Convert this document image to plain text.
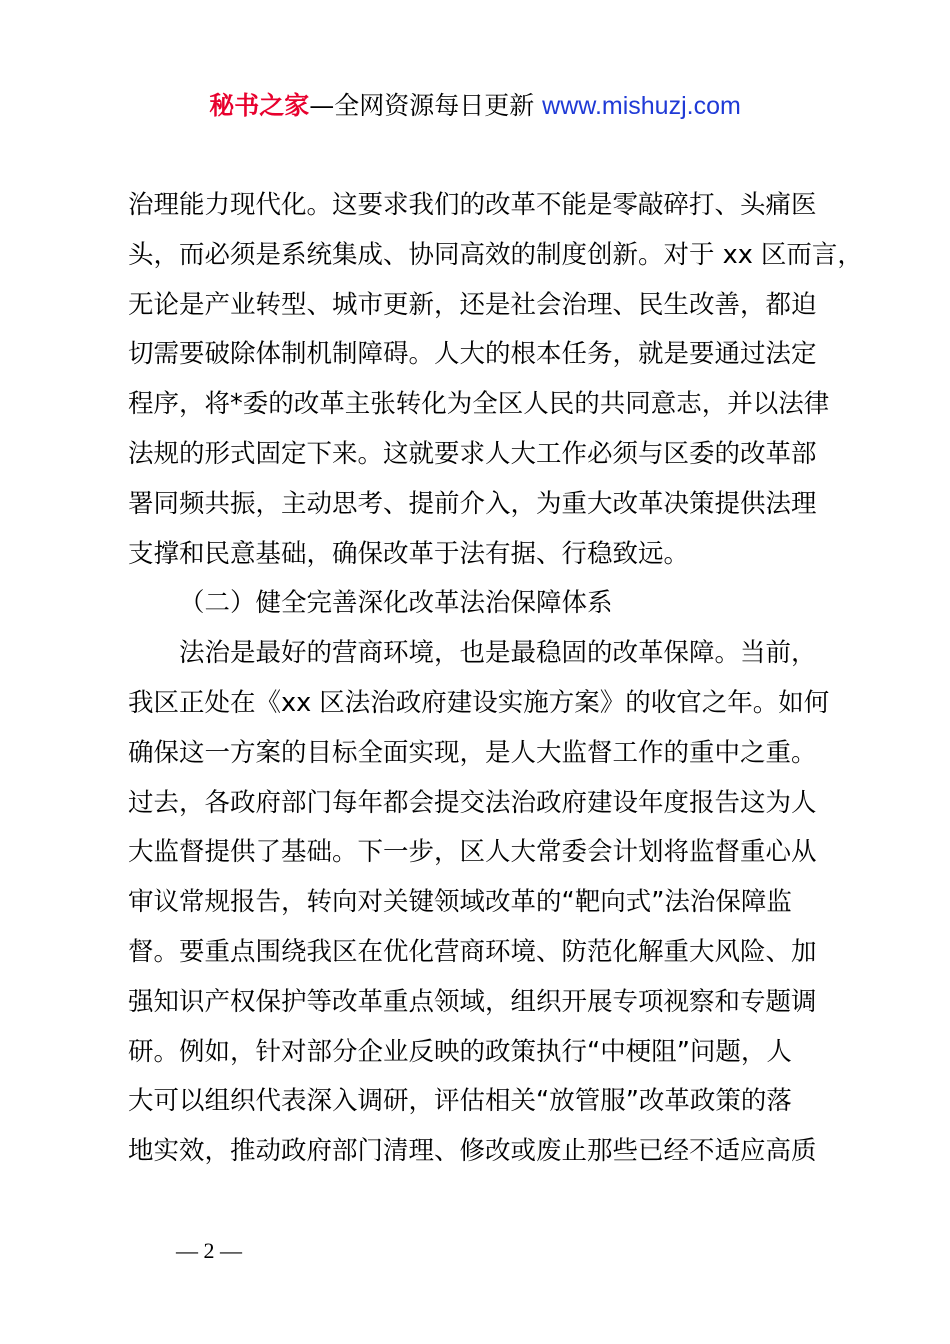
秘书之家—全网资源每日更新 www.mishuzj.com
治理能力现代化。这要求我们的改革不能是零敲碎打、头痛医
头，而必须是系统集成、协同高效的制度创新。对于 xx 区而言，
无论是产业转型、城市更新，还是社会治理、民生改善，都迫
切需要破除体制机制障碍。人大的根本任务，就是要通过法定
程序，将*委的改革主张转化为全区人民的共同意志，并以法律
法规的形式固定下来。这就要求人大工作必须与区委的改革部
署同频共振，主动思考、提前介入，为重大改革决策提供法理
支撑和民意基础，确保改革于法有据、行稳致远。
（二）健全完善深化改革法治保障体系
法治是最好的营商环境，也是最稳固的改革保障。当前，
我区正处在《xx 区法治政府建设实施方案》的收官之年。如何
确保这一方案的目标全面实现，是人大监督工作的重中之重。
过去，各政府部门每年都会提交法治政府建设年度报告这为人
大监督提供了基础。下一步，区人大常委会计划将监督重心从
审议常规报告，转向对关键领域改革的“靶向式”法治保障监
督。要重点围绕我区在优化营商环境、防范化解重大风险、加
强知识产权保护等改革重点领域，组织开展专项视察和专题调
研。例如，针对部分企业反映的政策执行“中梗阻”问题，人
大可以组织代表深入调研，评估相关“放管服”改革政策的落
地实效，推动政府部门清理、修改或废止那些已经不适应高质
— 2 —
